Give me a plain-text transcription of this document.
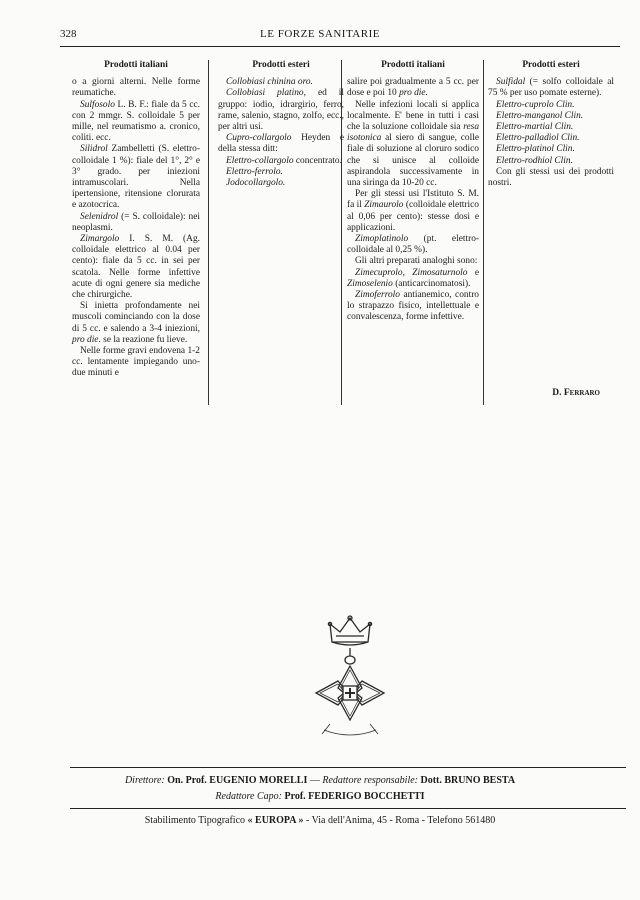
328	LE FORZE SANITARIE
Prodotti italiani

o a giorni alterni. Nelle forme reumatiche.

Sulfosolo L. B. F.: fiale da 5 cc. con 2 mmgr. S. colloidale 5 per mille, nel reumatismo a. cronico, coliti. ecc.

Silidrol Zambelletti (S. elettro-colloidale 1 %): fiale del 1°, 2° e 3° grado. per iniezioni intramuscolari. Nella ipertensione, ritensione clorurata e azotocrica.

Selenidrol (= S. colloidale): nei neoplasmi.

Zimargolo I. S. M. (Ag. colloidale elettrico al 0.04 per cento): fiale da 5 cc. in sei per scatola. Nelle forme infettive acute di ogni genere sia mediche che chirurgiche.

Si inietta profondamente nei muscoli cominciando con la dose di 5 cc. e salendo a 3-4 iniezioni, pro die. se la reazione fu lieve.

Nelle forme gravi endovena 1-2 cc. lentamente impiegando uno-due minuti e

Prodotti esteri

Collobiasi chinina oro.

Collobiasi platino, ed il gruppo: iodio, idrargirio, ferro, rame, salenio, stagno, zolfo, ecc., per altri usi.

Cupro-collargolo Heyden e della stessa ditt:

Elettro-collargolo concentrato.

Elettro-ferrolo.

Jodocollargolo.

Prodotti italiani

salire poi gradualmente a 5 cc. per dose e poi 10 pro die.

Nelle infezioni locali si applica localmente. E' bene in tutti i casi che la soluzione colloidale sia resa isotonica al siero di sangue, colle fiale di soluzione al cloruro sodico che si unisce al colloide aspirandola successivamente in una siringa da 10-20 cc.

Per gli stessi usi l'Istituto S. M. fa il Zimaurolo (colloidale elettrico al 0,06 per cento): stesse dosi e applicazioni.

Zimoplatinolo (pt. elettro-colloidale al 0,25 %).

Gli altri preparati analoghi sono:

Zimecuprolo, Zimosaturnolo e Zimoselenio (anticarcinomatosi).

Zimoferrolo antianemico, contro lo strapazzo fisico, intellettuale e convalescenza, forme infettive.

Prodotti esteri

Sulfidal (= solfo colloidale al 75 % per uso pomate esterne).

Elettro-cuprolo Clin.

Elettro-manganol Clin.

Elettro-martial Clin.

Elettro-palladiol Clin.

Elettro-platinol Clin.

Elettro-rodhiol Clin.

Con gli stessi usi dei prodotti nostri.

D. Ferraro
Direttore: On. Prof. EUGENIO MORELLI — Redattore responsabile: Dott. BRUNO BESTA
Redattore Capo: Prof. FEDERIGO BOCCHETTI
Stabilimento Tipografico « EUROPA » - Via dell'Anima, 45 - Roma - Telefono 561480
